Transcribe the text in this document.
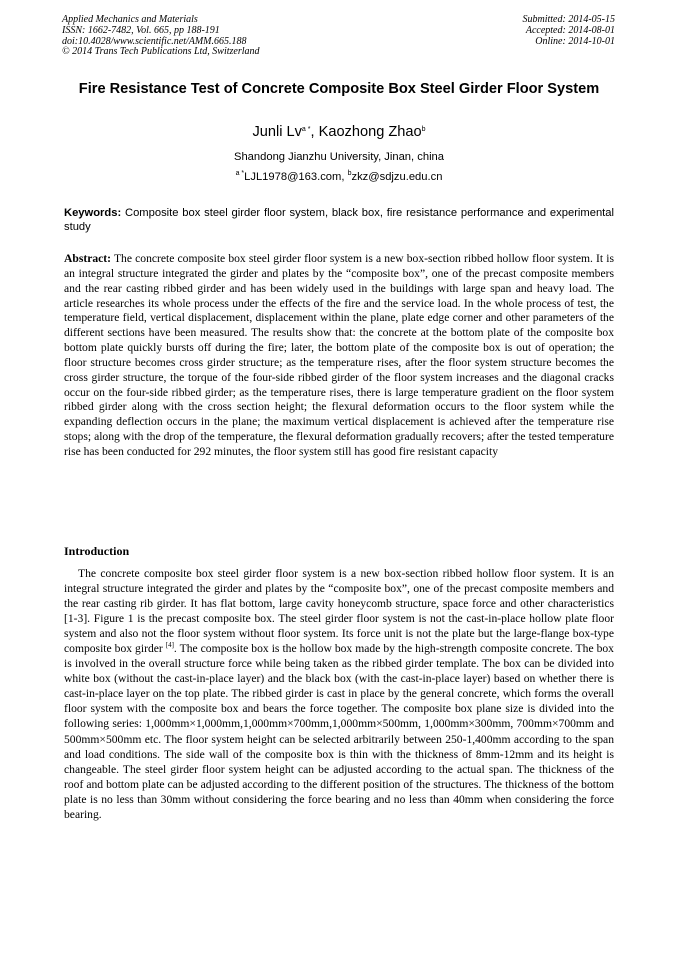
Applied Mechanics and Materials
ISSN: 1662-7482, Vol. 665, pp 188-191
doi:10.4028/www.scientific.net/AMM.665.188
© 2014 Trans Tech Publications Ltd, Switzerland
Submitted: 2014-05-15
Accepted: 2014-08-01
Online: 2014-10-01
Fire Resistance Test of Concrete Composite Box Steel Girder Floor System
Junli $Lv^{a *}$, Kaozhong Zhao$^b$
Shandong Jianzhu University, Jinan, china
$^{a *}$LJL1978@163.com, $^b$zkz@sdjzu.edu.cn
Keywords: Composite box steel girder floor system, black box, fire resistance performance and experimental study
Abstract: The concrete composite box steel girder floor system is a new box-section ribbed hollow floor system. It is an integral structure integrated the girder and plates by the “composite box”, one of the precast composite members and the rear casting ribbed girder and has been widely used in the buildings with large span and heavy load. The article researches its whole process under the effects of the fire and the service load. In the whole process of test, the temperature field, vertical displacement, displacement within the plane, plate edge corner and other parameters of the different sections have been measured. The results show that: the concrete at the bottom plate of the composite box bottom plate quickly bursts off during the fire; later, the bottom plate of the composite box is out of operation; the floor structure becomes cross girder structure; as the temperature rises, after the floor system structure becomes the cross girder structure, the torque of the four-side ribbed girder of the floor system increases and the diagonal cracks occur on the four-side ribbed girder; as the temperature rises, there is large temperature gradient on the floor system ribbed girder along with the cross section height; the flexural deformation occurs to the floor system while the expanding deflection occurs in the plane; the maximum vertical displacement is achieved after the temperature rise stops; along with the drop of the temperature, the flexural deformation gradually recovers; after the tested temperature rise has been conducted for 292 minutes, the floor system still has good fire resistant capacity
Introduction

The concrete composite box steel girder floor system is a new box-section ribbed hollow floor system. It is an integral structure integrated the girder and plates by the “composite box”, one of the precast composite members and the rear casting rib girder. It has flat bottom, large cavity honeycomb structure, space force and other characteristics [1-3]. Figure 1 is the precast composite box. The steel girder floor system is not the cast-in-place hollow plate floor system and also not the floor system without floor system. Its force unit is not the plate but the large-flange box-type composite box girder [4]. The composite box is the hollow box made by the high-strength composite concrete. The box is involved in the overall structure force while being taken as the ribbed girder template. The box can be divided into white box (without the cast-in-place layer) and the black box (with the cast-in-place layer) based on whether there is cast-in-place layer on the top plate. The ribbed girder is cast in place by the general concrete, which forms the overall floor system with the composite box and bears the force together. The composite box plane size is divided into the following series: 1,000mm×1,000mm,1,000mm×700mm,1,000mm×500mm, 1,000mm×300mm, 700mm×700mm and 500mm×500mm etc. The floor system height can be selected arbitrarily between 250-1,400mm according to the span and load conditions. The side wall of the composite box is thin with the thickness of 8mm-12mm and its height is changeable. The steel girder floor system height can be adjusted according to the actual span. The thickness of the roof and bottom plate can be adjusted according to the different position of the structures. The thickness of the bottom plate is no less than 30mm without considering the force bearing and no less than 40mm when considering the force bearing.
